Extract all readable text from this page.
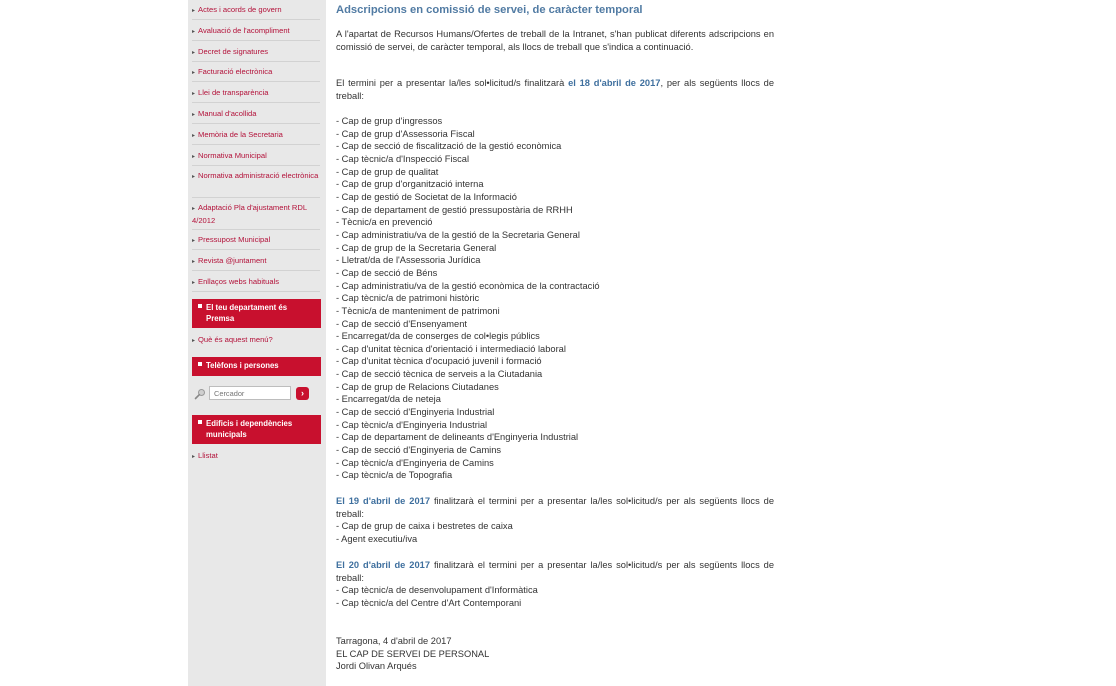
▸ Actes i acords de govern
▸ Avaluació de l'acompliment
▸ Decret de signatures
▸ Facturació electrònica
▸ Llei de transparència
▸ Manual d'acollida
▸ Memòria de la Secretaria
▸ Normativa Municipal
▸ Normativa administració electrònica
▸ Adaptació Pla d'ajustament RDL 4/2012
▸ Pressupost Municipal
▸ Revista @juntament
▸ Enllaços webs habituals
El teu departament és Premsa
▸ Què és aquest menú?
Telèfons i persones
Cercador
›
Edificis i dependències municipals
▸ Llistat
Adscripcions en comissió de servei, de caràcter temporal
A l'apartat de Recursos Humans/Ofertes de treball de la Intranet, s'han publicat diferents adscripcions en comissió de servei, de caràcter temporal, als llocs de treball que s'indica a continuació.
El termini per a presentar la/les sol•licitud/s finalitzarà el 18 d'abril de 2017, per als següents llocs de treball:
- Cap de grup d'ingressos
- Cap de grup d'Assessoria Fiscal
- Cap de secció de fiscalització de la gestió econòmica
- Cap tècnic/a d'Inspecció Fiscal
- Cap de grup de qualitat
- Cap de grup d'organització interna
- Cap de gestió de Societat de la Informació
- Cap de departament de gestió pressupostària de RRHH
- Tècnic/a en prevenció
- Cap administratiu/va de la gestió de la Secretaria General
- Cap de grup de la Secretaria General
- Lletrat/da de l'Assessoria Jurídica
- Cap de secció de Béns
- Cap administratiu/va de la gestió econòmica de la contractació
- Cap tècnic/a de patrimoni històric
- Tècnic/a de manteniment de patrimoni
- Cap de secció d'Ensenyament
- Encarregat/da de conserges de col•legis públics
- Cap d'unitat tècnica d'orientació i intermediació laboral
- Cap d'unitat tècnica d'ocupació juvenil i formació
- Cap de secció tècnica de serveis a la Ciutadania
- Cap de grup de Relacions Ciutadanes
- Encarregat/da de neteja
- Cap de secció d'Enginyeria Industrial
- Cap tècnic/a d'Enginyeria Industrial
- Cap de departament de delineants d'Enginyeria Industrial
- Cap de secció d'Enginyeria de Camins
- Cap tècnic/a d'Enginyeria de Camins
- Cap tècnic/a de Topografia
El 19 d'abril de 2017 finalitzarà el termini per a presentar la/les sol•licitud/s per als següents llocs de treball:
- Cap de grup de caixa i bestretes de caixa
- Agent executiu/iva
El 20 d'abril de 2017 finalitzarà el termini per a presentar la/les sol•licitud/s per als següents llocs de treball:
- Cap tècnic/a de desenvolupament d'Informàtica
- Cap tècnic/a del Centre d'Art Contemporani
Tarragona, 4 d'abril de 2017
EL CAP DE SERVEI DE PERSONAL
Jordi Olivan Arqués
